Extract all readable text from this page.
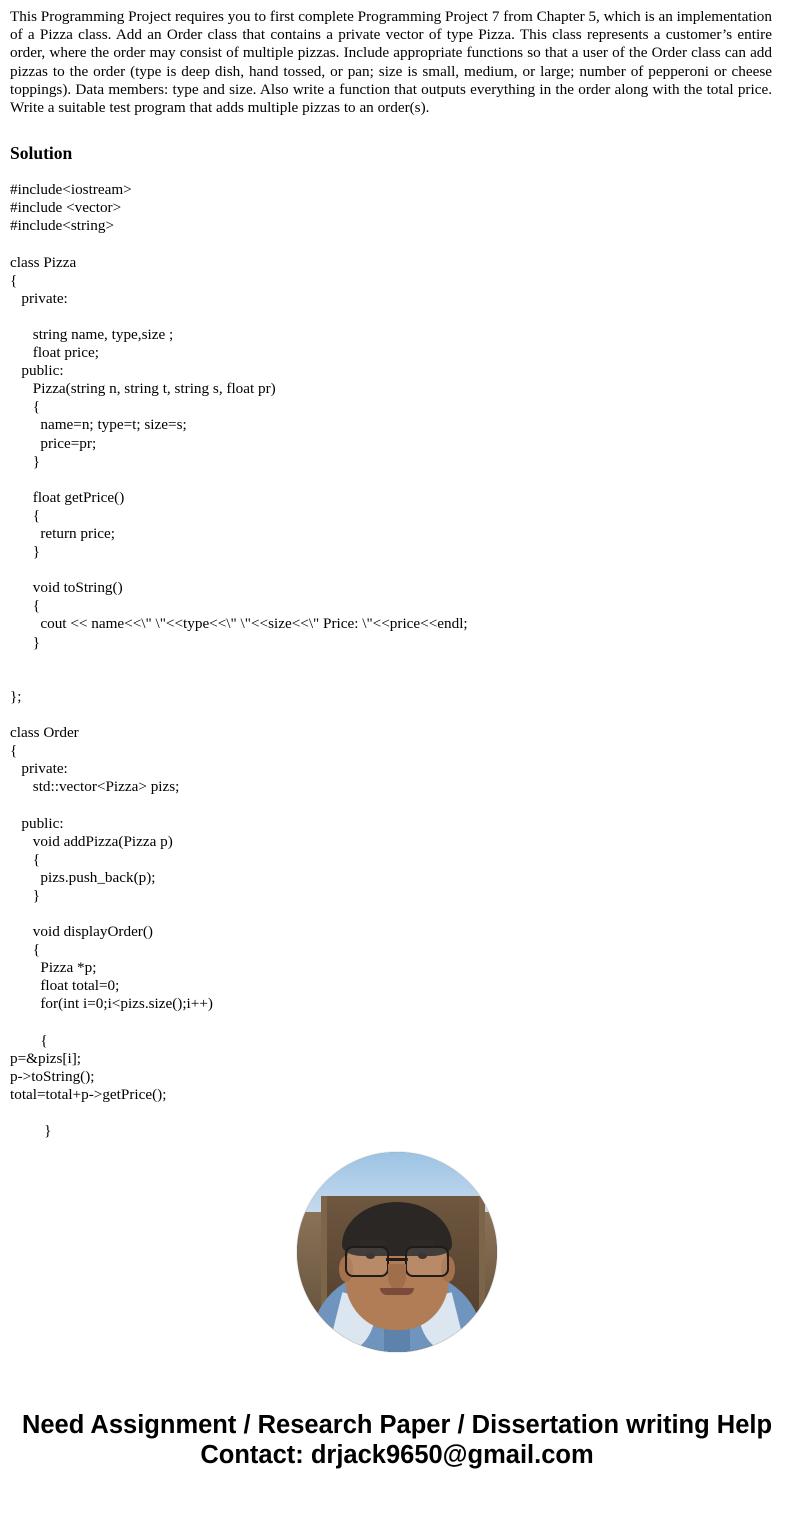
This Programming Project requires you to first complete Programming Project 7 from Chapter 5, which is an implementation of a Pizza class. Add an Order class that contains a private vector of type Pizza. This class represents a customer’s entire order, where the order may consist of multiple pizzas. Include appropriate functions so that a user of the Order class can add pizzas to the order (type is deep dish, hand tossed, or pan; size is small, medium, or large; number of pepperoni or cheese toppings). Data members: type and size. Also write a function that outputs everything in the order along with the total price. Write a suitable test program that adds multiple pizzas to an order(s).

Solution
#include<iostream>
#include <vector>
#include<string>

class Pizza
{
private:

string name, type,size ;
float price;
public:
Pizza(string n, string t, string s, float pr)
{
name=n; type=t; size=s;
price=pr;
}

float getPrice()
{
return price;
}

void toString()
{
cout << name<<\" \"<<type<<\" \"<<size<<\" Price: \"<<price<<endl;
}

};

class Order
{
private:
std::vector<Pizza> pizs;

public:
void addPizza(Pizza p)
{
pizs.push_back(p);
}

void displayOrder()
{
Pizza *p;
float total=0;
for(int i=0;i<pizs.size();i++)

{
p=&pizs[i];
p->toString();
total=total+p->getPrice();

}
Need Assignment / Research Paper / Dissertation writing Help
Contact: drjack9650@gmail.com
